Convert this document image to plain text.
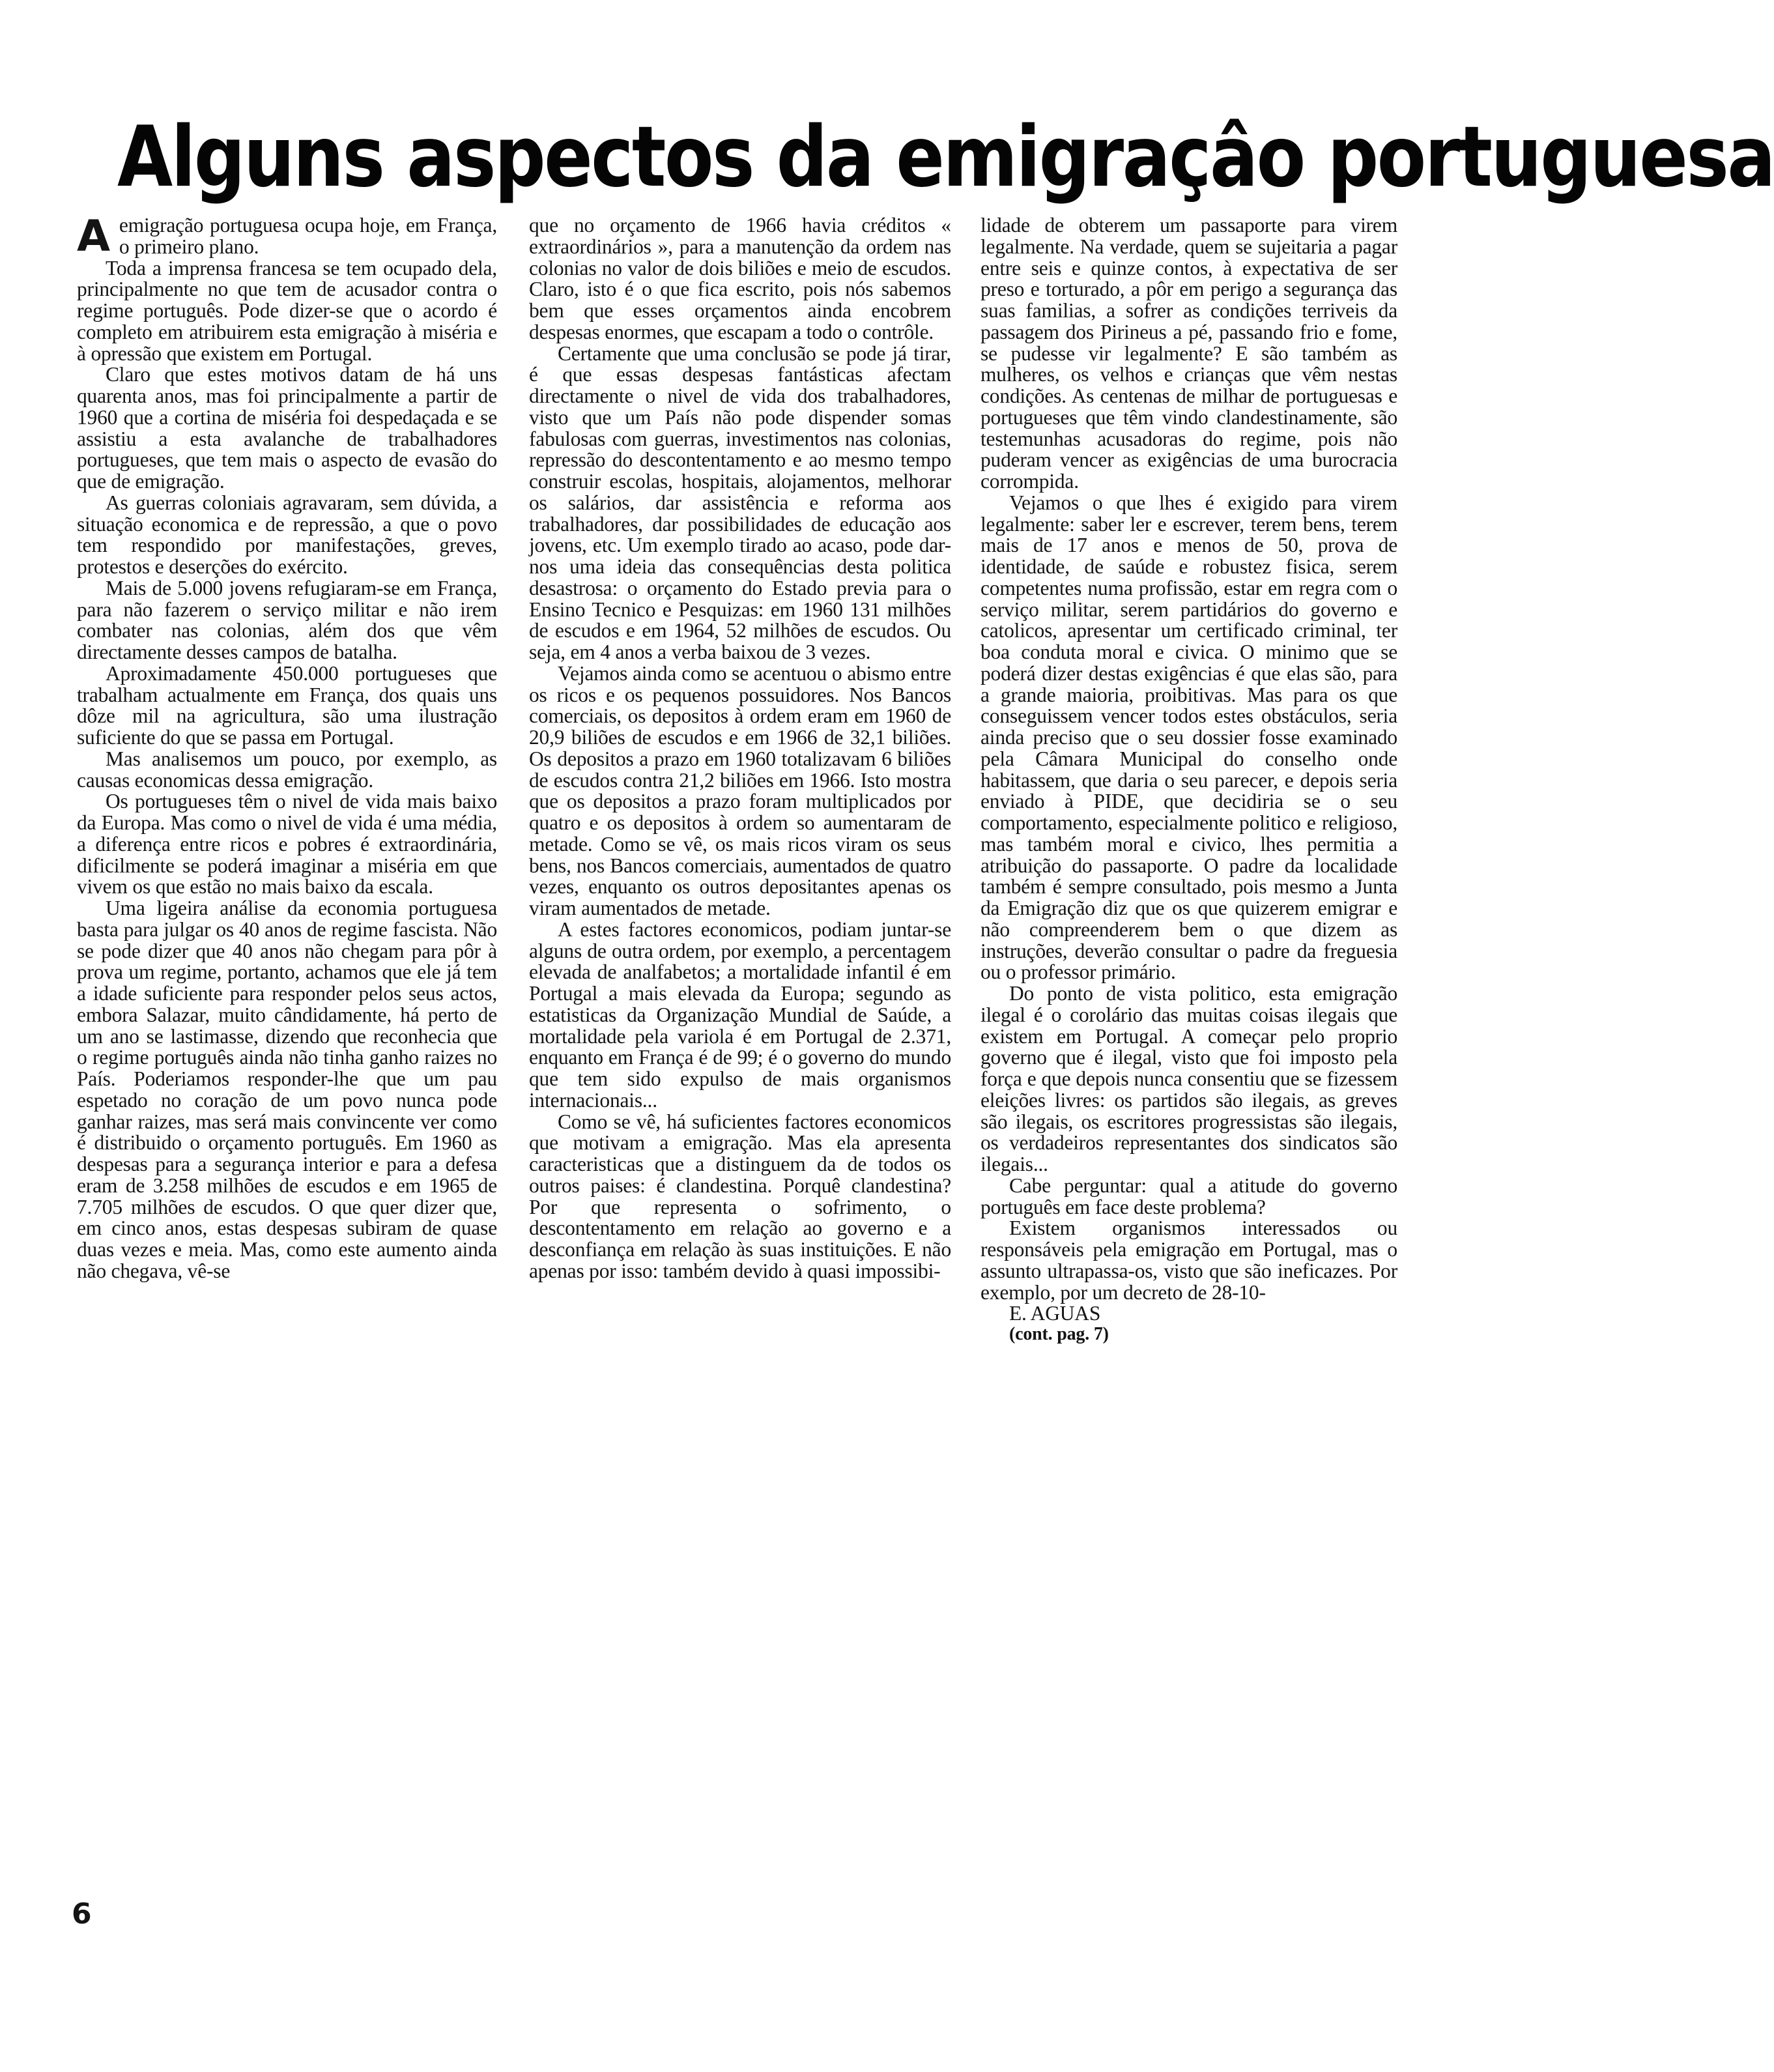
Alguns aspectos da emigraçâo portuguesa

A emigração portuguesa ocupa hoje, em França, o primeiro plano.

Toda a imprensa francesa se tem ocupado dela, principalmente no que tem de acusador contra o regime português. Pode dizer-se que o acordo é completo em atribuirem esta emigração à miséria e à opressão que existem em Portugal.

Claro que estes motivos datam de há uns quarenta anos, mas foi principalmente a partir de 1960 que a cortina de miséria foi despedaçada e se assistiu a esta avalanche de trabalhadores portugueses, que tem mais o aspecto de evasão do que de emigração.

As guerras coloniais agravaram, sem dúvida, a situação economica e de repressão, a que o povo tem respondido por manifestações, greves, protestos e deserções do exército.

Mais de 5.000 jovens refugiaram-se em França, para não fazerem o serviço militar e não irem combater nas colonias, além dos que vêm directamente desses campos de batalha.

Aproximadamente 450.000 portugueses que trabalham actualmente em França, dos quais uns dôze mil na agricultura, são uma ilustração suficiente do que se passa em Portugal.

Mas analisemos um pouco, por exemplo, as causas economicas dessa emigração.

Os portugueses têm o nivel de vida mais baixo da Europa. Mas como o nivel de vida é uma média, a diferença entre ricos e pobres é extraordinária, dificilmente se poderá imaginar a miséria em que vivem os que estão no mais baixo da escala.

Uma ligeira análise da economia portuguesa basta para julgar os 40 anos de regime fascista. Não se pode dizer que 40 anos não chegam para pôr à prova um regime, portanto, achamos que ele já tem a idade suficiente para responder pelos seus actos, embora Salazar, muito cândidamente, há perto de um ano se lastimasse, dizendo que reconhecia que o regime português ainda não tinha ganho raizes no País. Poderiamos responder-lhe que um pau espetado no coração de um povo nunca pode ganhar raizes, mas será mais convincente ver como é distribuido o orçamento português. Em 1960 as despesas para a segurança interior e para a defesa eram de 3.258 milhões de escudos e em 1965 de 7.705 milhões de escudos. O que quer dizer que, em cinco anos, estas despesas subiram de quase duas vezes e meia. Mas, como este aumento ainda não chegava, vê-se

que no orçamento de 1966 havia créditos « extraordinários », para a manutenção da ordem nas colonias no valor de dois biliões e meio de escudos. Claro, isto é o que fica escrito, pois nós sabemos bem que esses orçamentos ainda encobrem despesas enormes, que escapam a todo o contrôle.

Certamente que uma conclusão se pode já tirar, é que essas despesas fantásticas afectam directamente o nivel de vida dos trabalhadores, visto que um País não pode dispender somas fabulosas com guerras, investimentos nas colonias, repressão do descontentamento e ao mesmo tempo construir escolas, hospitais, alojamentos, melhorar os salários, dar assistência e reforma aos trabalhadores, dar possibilidades de educação aos jovens, etc. Um exemplo tirado ao acaso, pode dar-nos uma ideia das consequências desta politica desastrosa: o orçamento do Estado previa para o Ensino Tecnico e Pesquizas: em 1960 131 milhões de escudos e em 1964, 52 milhões de escudos. Ou seja, em 4 anos a verba baixou de 3 vezes.

Vejamos ainda como se acentuou o abismo entre os ricos e os pequenos possuidores. Nos Bancos comerciais, os depositos à ordem eram em 1960 de 20,9 biliões de escudos e em 1966 de 32,1 biliões. Os depositos a prazo em 1960 totalizavam 6 biliões de escudos contra 21,2 biliões em 1966. Isto mostra que os depositos a prazo foram multiplicados por quatro e os depositos à ordem so aumentaram de metade. Como se vê, os mais ricos viram os seus bens, nos Bancos comerciais, aumentados de quatro vezes, enquanto os outros depositantes apenas os viram aumentados de metade.

A estes factores economicos, podiam juntar-se alguns de outra ordem, por exemplo, a percentagem elevada de analfabetos; a mortalidade infantil é em Portugal a mais elevada da Europa; segundo as estatisticas da Organização Mundial de Saúde, a mortalidade pela variola é em Portugal de 2.371, enquanto em França é de 99; é o governo do mundo que tem sido expulso de mais organismos internacionais...

Como se vê, há suficientes factores economicos que motivam a emigração. Mas ela apresenta caracteristicas que a distinguem da de todos os outros paises: é clandestina. Porquê clandestina? Por que representa o sofrimento, o descontentamento em relação ao governo e a desconfiança em relação às suas instituições. E não apenas por isso: também devido à quasi impossibi-

lidade de obterem um passaporte para virem legalmente. Na verdade, quem se sujeitaria a pagar entre seis e quinze contos, à expectativa de ser preso e torturado, a pôr em perigo a segurança das suas familias, a sofrer as condições terriveis da passagem dos Pirineus a pé, passando frio e fome, se pudesse vir legalmente? E são também as mulheres, os velhos e crianças que vêm nestas condições. As centenas de milhar de portuguesas e portugueses que têm vindo clandestinamente, são testemunhas acusadoras do regime, pois não puderam vencer as exigências de uma burocracia corrompida.

Vejamos o que lhes é exigido para virem legalmente: saber ler e escrever, terem bens, terem mais de 17 anos e menos de 50, prova de identidade, de saúde e robustez fisica, serem competentes numa profissão, estar em regra com o serviço militar, serem partidários do governo e catolicos, apresentar um certificado criminal, ter boa conduta moral e civica. O minimo que se poderá dizer destas exigências é que elas são, para a grande maioria, proibitivas. Mas para os que conseguissem vencer todos estes obstáculos, seria ainda preciso que o seu dossier fosse examinado pela Câmara Municipal do conselho onde habitassem, que daria o seu parecer, e depois seria enviado à PIDE, que decidiria se o seu comportamento, especialmente politico e religioso, mas também moral e civico, lhes permitia a atribuição do passaporte. O padre da localidade também é sempre consultado, pois mesmo a Junta da Emigração diz que os que quizerem emigrar e não compreenderem bem o que dizem as instruções, deverão consultar o padre da freguesia ou o professor primário.

Do ponto de vista politico, esta emigração ilegal é o corolário das muitas coisas ilegais que existem em Portugal. A começar pelo proprio governo que é ilegal, visto que foi imposto pela força e que depois nunca consentiu que se fizessem eleições livres: os partidos são ilegais, as greves são ilegais, os escritores progressistas são ilegais, os verdadeiros representantes dos sindicatos são ilegais...

Cabe perguntar: qual a atitude do governo português em face deste problema?

Existem organismos interessados ou responsáveis pela emigração em Portugal, mas o assunto ultrapassa-os, visto que são ineficazes. Por exemplo, por um decreto de 28-10-

E. AGUAS

(cont. pag. 7)

6
